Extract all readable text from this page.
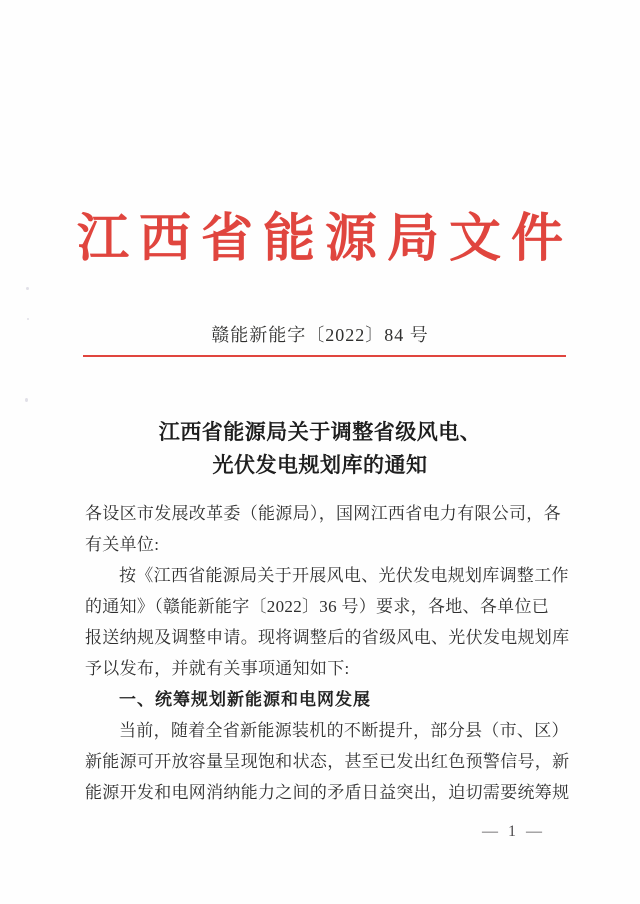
江西省能源局文件
赣能新能字〔2022〕84 号
江西省能源局关于调整省级风电、
光伏发电规划库的通知
各设区市发展改革委（能源局），国网江西省电力有限公司，各
有关单位:
按《江西省能源局关于开展风电、光伏发电规划库调整工作
的通知》（赣能新能字〔2022〕36 号）要求，各地、各单位已
报送纳规及调整申请。现将调整后的省级风电、光伏发电规划库
予以发布，并就有关事项通知如下:
一、统筹规划新能源和电网发展
当前，随着全省新能源装机的不断提升，部分县（市、区）
新能源可开放容量呈现饱和状态，甚至已发出红色预警信号，新
能源开发和电网消纳能力之间的矛盾日益突出，迫切需要统筹规
— 1 —
